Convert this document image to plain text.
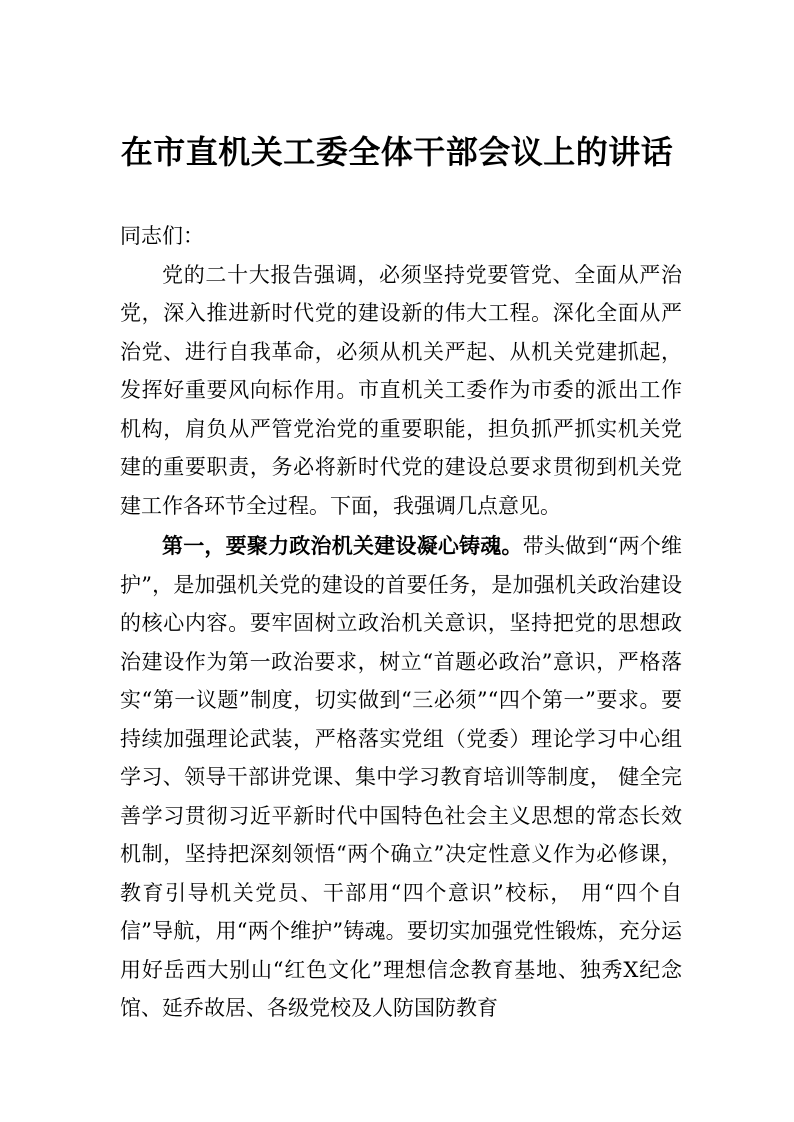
在市直机关工委全体干部会议上的讲话

同志们：

党的二十大报告强调，必须坚持党要管党、全面从严治党，深入推进新时代党的建设新的伟大工程。深化全面从严治党、进行自我革命，必须从机关严起、从机关党建抓起， 发挥好重要风向标作用。市直机关工委作为市委的派出工作机构，肩负从严管党治党的重要职能，担负抓严抓实机关党建的重要职责，务必将新时代党的建设总要求贯彻到机关党建工作各环节全过程。下面，我强调几点意见。

第一，要聚力政治机关建设凝心铸魂。带头做到“两个维护”，是加强机关党的建设的首要任务，是加强机关政治建设的核心内容。要牢固树立政治机关意识，坚持把党的思想政治建设作为第一政治要求，树立“首题必政治”意识，严格落实“第一议题”制度，切实做到“三必须”“四个第一”要求。要持续加强理论武装，严格落实党组（党委）理论学习中心组学习、领导干部讲党课、集中学习教育培训等制度， 健全完善学习贯彻习近平新时代中国特色社会主义思想的常态长效机制，坚持把深刻领悟“两个确立”决定性意义作为必修课，教育引导机关党员、干部用“四个意识”校标， 用“四个自信”导航，用“两个维护”铸魂。要切实加强党性锻炼，充分运用好岳西大别山“红色文化”理想信念教育基地、独秀X纪念馆、延乔故居、各级党校及人防国防教育
